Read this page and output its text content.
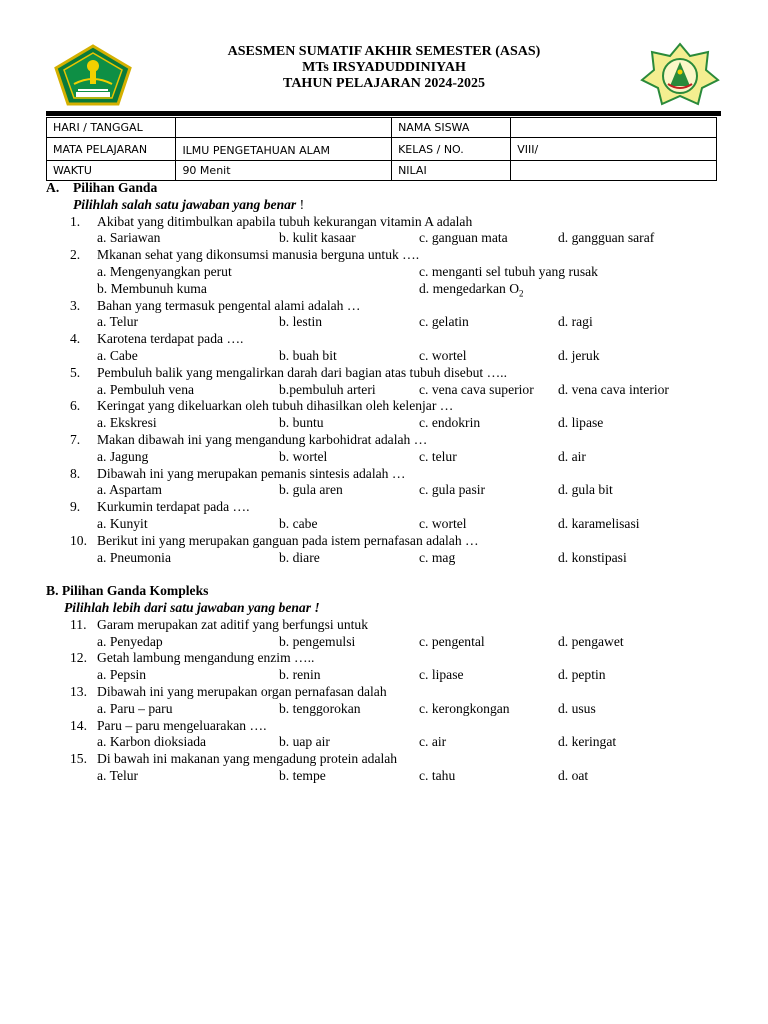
ASESMEN SUMATIF AKHIR SEMESTER (ASAS)
MTs IRSYADUDDINIYAH
TAHUN PELAJARAN 2024-2025
HARI / TANGGAL		NAMA SISWA	
MATA PELAJARAN	ILMU PENGETAHUAN ALAM	KELAS / NO.	VIII/
WAKTU	90 Menit	NILAI	
A. Pilihan Ganda
Pilihlah salah satu jawaban yang benar !
1. Akibat yang ditimbulkan apabila tubuh kekurangan vitamin A adalah
a. Sariawan	b. kulit kasaar	c. ganguan mata	d. gangguan saraf
2. Mkanan sehat yang dikonsumsi manusia berguna untuk ….
a. Mengenyangkan perut	c. menganti sel tubuh yang rusak
b. Membunuh kuma	d. mengedarkan $O_2$
3. Bahan yang termasuk pengental alami adalah …
a. Telur	b. lestin	c. gelatin	d. ragi
4. Karotena terdapat pada ….
a. Cabe	b. buah bit	c. wortel	d. jeruk
5. Pembuluh balik yang mengalirkan darah dari bagian atas tubuh disebut …..
a. Pembuluh vena	b.pembuluh arteri	c. vena cava superior d. vena cava interior
6. Keringat yang dikeluarkan oleh tubuh dihasilkan oleh kelenjar …
a. Ekskresi	b. buntu	c. endokrin	d. lipase
7. Makan dibawah ini yang mengandung karbohidrat adalah …
a. Jagung	b. wortel	c. telur	d. air
8. Dibawah ini yang merupakan pemanis sintesis adalah …
a. Aspartam	b. gula aren	c. gula pasir	d. gula bit
9. Kurkumin terdapat pada ….
a. Kunyit	b. cabe	c. wortel	d. karamelisasi
10. Berikut ini yang merupakan ganguan pada istem pernafasan adalah …
a. Pneumonia	b. diare	c. mag	d. konstipasi
B. Pilihan Ganda Kompleks
Pilihlah lebih dari satu jawaban yang benar !
11. Garam merupakan zat aditif yang berfungsi untuk
a. Penyedap	b. pengemulsi	c. pengental	d. pengawet
12. Getah lambung mengandung enzim …..
a. Pepsin	b. renin	c. lipase	d. peptin
13. Dibawah ini yang merupakan organ pernafasan dalah
a. Paru – paru	b. tenggorokan	c. kerongkongan	d. usus
14. Paru – paru mengeluarakan ….
a. Karbon dioksiada	b. uap air	c. air	d. keringat
15. Di bawah ini makanan yang mengadung protein adalah
a. Telur	b. tempe	c. tahu	d. oat
